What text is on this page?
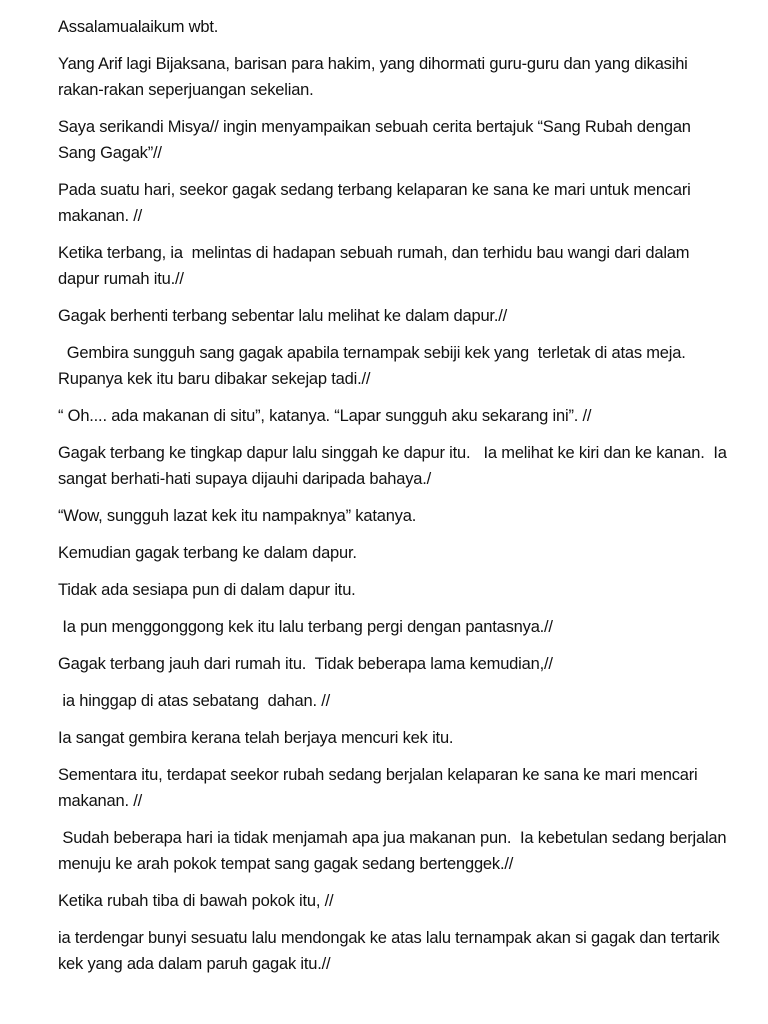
Assalamualaikum wbt.

Yang Arif lagi Bijaksana, barisan para hakim, yang dihormati guru-guru dan yang dikasihi rakan-rakan seperjuangan sekelian.

Saya serikandi Misya// ingin menyampaikan sebuah cerita bertajuk “Sang Rubah dengan Sang Gagak”//

Pada suatu hari, seekor gagak sedang terbang kelaparan ke sana ke mari untuk mencari makanan. //

Ketika terbang, ia  melintas di hadapan sebuah rumah, dan terhidu bau wangi dari dalam dapur rumah itu.//

Gagak berhenti terbang sebentar lalu melihat ke dalam dapur.//

Gembira sungguh sang gagak apabila ternampak sebiji kek yang  terletak di atas meja.  Rupanya kek itu baru dibakar sekejap tadi.//

“ Oh.... ada makanan di situ”, katanya. “Lapar sungguh aku sekarang ini”. //

Gagak terbang ke tingkap dapur lalu singgah ke dapur itu.   Ia melihat ke kiri dan ke kanan.  Ia sangat berhati-hati supaya dijauhi daripada bahaya./

“Wow, sungguh lazat kek itu nampaknya” katanya.

Kemudian gagak terbang ke dalam dapur.

Tidak ada sesiapa pun di dalam dapur itu.

Ia pun menggonggong kek itu lalu terbang pergi dengan pantasnya.//

Gagak terbang jauh dari rumah itu.  Tidak beberapa lama kemudian,//

ia hinggap di atas sebatang  dahan. //

Ia sangat gembira kerana telah berjaya mencuri kek itu.

Sementara itu, terdapat seekor rubah sedang berjalan kelaparan ke sana ke mari mencari makanan. //

Sudah beberapa hari ia tidak menjamah apa jua makanan pun.  Ia kebetulan sedang berjalan menuju ke arah pokok tempat sang gagak sedang bertenggek.//

Ketika rubah tiba di bawah pokok itu, //

ia terdengar bunyi sesuatu lalu mendongak ke atas lalu ternampak akan si gagak dan tertarik kek yang ada dalam paruh gagak itu.//
